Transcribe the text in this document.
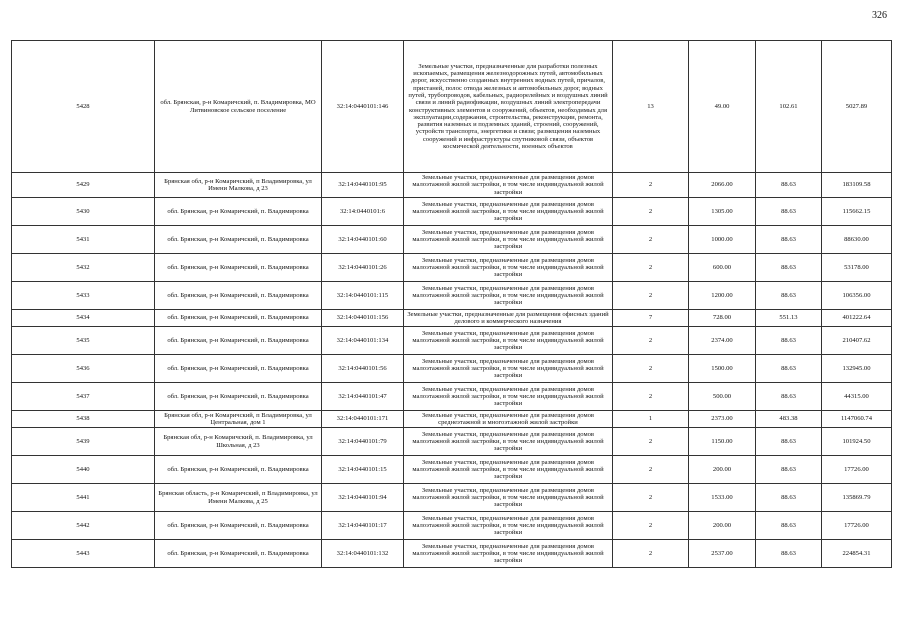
326
5428	обл. Брянская, р-н Комаричский, п. Владимировка, МО Литвиновское сельское поселение	32:14:0440101:146	Земельные участки, предназначенные для разработки полезных ископаемых, размещения железнодорожных путей, автомобильных дорог, искусственно созданных внутренних водных путей, причалов, пристаней, полос отвода железных и автомобильных дорог, водных путей, трубопроводов, кабельных, радиорелейных и воздушных линий связи и линий радиофикации, воздушных линий электропередачи конструктивных элементов и сооружений, объектов, необходимых для эксплуатации,содержания, строительства, реконструкции, ремонта, развития наземных и подземных зданий, строений, сооружений, устройств транспорта, энергетики и связи; размещения наземных сооружений и инфраструктуры спутниковой связи, объектов космической деятельности, военных объектов	13	49.00	102.61	5027.89
5429	Брянская обл, р-н Комаричский, п Владимировка, ул Имени Малкова, д 23	32:14:0440101:95	Земельные участки, предназначенные для размещения домов малоэтажной жилой застройки, в том числе индивидуальной жилой застройки	2	2066.00	88.63	183109.58
5430	обл. Брянская, р-н Комаричский, п. Владимировка	32:14:0440101:6	Земельные участки, предназначенные для размещения домов малоэтажной жилой застройки, в том числе индивидуальной жилой застройки	2	1305.00	88.63	115662.15
5431	обл. Брянская, р-н Комаричский, п. Владимировка	32:14:0440101:60	Земельные участки, предназначенные для размещения домов малоэтажной жилой застройки, в том числе индивидуальной жилой застройки	2	1000.00	88.63	88630.00
5432	обл. Брянская, р-н Комаричский, п. Владимировка	32:14:0440101:26	Земельные участки, предназначенные для размещения домов малоэтажной жилой застройки, в том числе индивидуальной жилой застройки	2	600.00	88.63	53178.00
5433	обл. Брянская, р-н Комаричский, п. Владимировка	32:14:0440101:115	Земельные участки, предназначенные для размещения домов малоэтажной жилой застройки, в том числе индивидуальной жилой застройки	2	1200.00	88.63	106356.00
5434	обл. Брянская, р-н Комаричский, п. Владимировка	32:14:0440101:156	Земельные участки, предназначенные для размещения офисных зданий делового и коммерческого назначения	7	728.00	551.13	401222.64
5435	обл. Брянская, р-н Комаричский, п. Владимировка	32:14:0440101:134	Земельные участки, предназначенные для размещения домов малоэтажной жилой застройки, в том числе индивидуальной жилой застройки	2	2374.00	88.63	210407.62
5436	обл. Брянская, р-н Комаричский, п. Владимировка	32:14:0440101:56	Земельные участки, предназначенные для размещения домов малоэтажной жилой застройки, в том числе индивидуальной жилой застройки	2	1500.00	88.63	132945.00
5437	обл. Брянская, р-н Комаричский, п. Владимировка	32:14:0440101:47	Земельные участки, предназначенные для размещения домов малоэтажной жилой застройки, в том числе индивидуальной жилой застройки	2	500.00	88.63	44315.00
5438	Брянская обл, р-н Комаричский, п Владимировка, ул Центральная, дом 1	32:14:0440101:171	Земельные участки, предназначенные для размещения домов среднеэтажной и многоэтажной жилой застройки	1	2373.00	483.38	1147060.74
5439	Брянская обл, р-н Комаричский, п. Владимировка, ул Школьная, д 23	32:14:0440101:79	Земельные участки, предназначенные для размещения домов малоэтажной жилой застройки, в том числе индивидуальной жилой застройки	2	1150.00	88.63	101924.50
5440	обл. Брянская, р-н Комаричский, п. Владимировка	32:14:0440101:15	Земельные участки, предназначенные для размещения домов малоэтажной жилой застройки, в том числе индивидуальной жилой застройки	2	200.00	88.63	17726.00
5441	Брянская область, р-н Комаричский, п Владимировка, ул Имени Малкова, д 25	32:14:0440101:94	Земельные участки, предназначенные для размещения домов малоэтажной жилой застройки, в том числе индивидуальной жилой застройки	2	1533.00	88.63	135869.79
5442	обл. Брянская, р-н Комаричский, п. Владимировка	32:14:0440101:17	Земельные участки, предназначенные для размещения домов малоэтажной жилой застройки, в том числе индивидуальной жилой застройки	2	200.00	88.63	17726.00
5443	обл. Брянская, р-н Комаричский, п. Владимировка	32:14:0440101:132	Земельные участки, предназначенные для размещения домов малоэтажной жилой застройки, в том числе индивидуальной жилой застройки	2	2537.00	88.63	224854.31
